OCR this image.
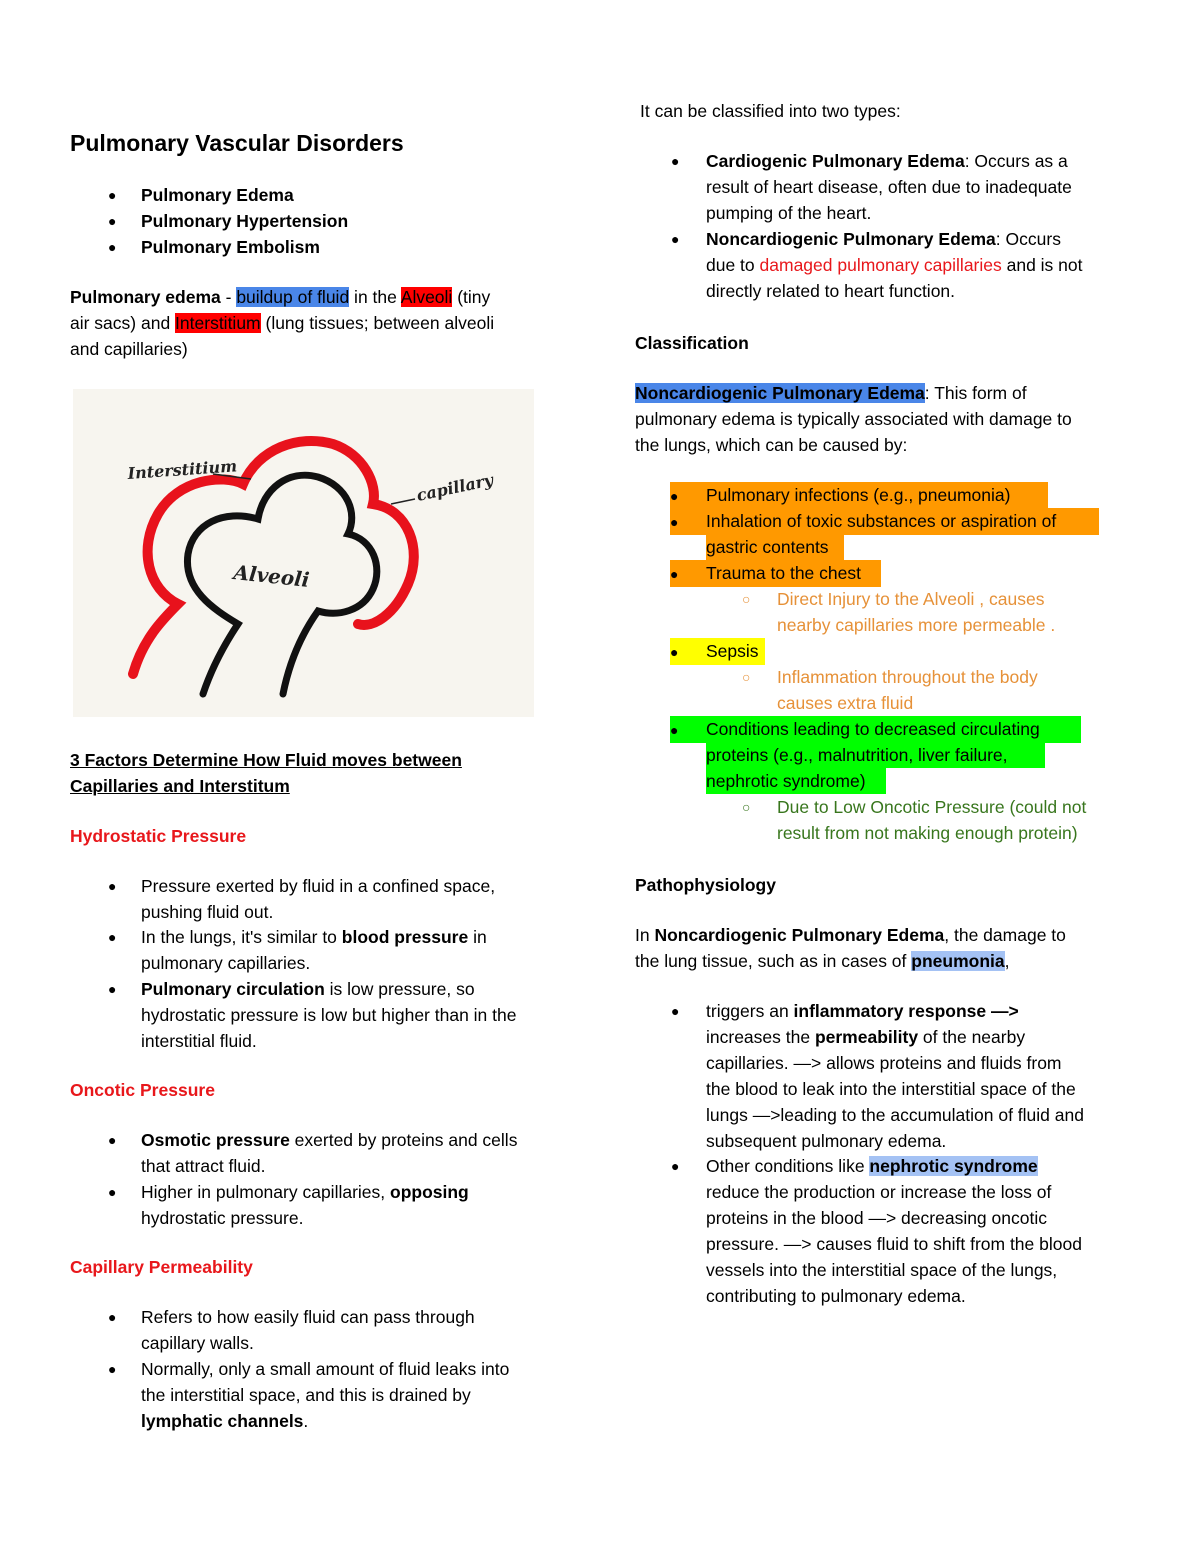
Pulmonary Vascular Disorders
● Pulmonary Edema
● Pulmonary Hypertension
● Pulmonary Embolism
Pulmonary edema - buildup of fluid in the Alveoli (tiny
air sacs) and Interstitium (lung tissues; between alveoli
and capillaries)
Interstitium
capillary
Alveoli
3 Factors Determine How Fluid moves between
Capillaries and Interstitum
Hydrostatic Pressure
● Pressure exerted by fluid in a confined space,
pushing fluid out.
● In the lungs, it's similar to blood pressure in
pulmonary capillaries.
● Pulmonary circulation is low pressure, so
hydrostatic pressure is low but higher than in the
interstitial fluid.
Oncotic Pressure
● Osmotic pressure exerted by proteins and cells
that attract fluid.
● Higher in pulmonary capillaries, opposing
hydrostatic pressure.
Capillary Permeability
● Refers to how easily fluid can pass through
capillary walls.
● Normally, only a small amount of fluid leaks into
the interstitial space, and this is drained by
lymphatic channels.
It can be classified into two types:
● Cardiogenic Pulmonary Edema: Occurs as a
result of heart disease, often due to inadequate
pumping of the heart.
● Noncardiogenic Pulmonary Edema: Occurs
due to damaged pulmonary capillaries and is not
directly related to heart function.
Classification
Noncardiogenic Pulmonary Edema: This form of
pulmonary edema is typically associated with damage to
the lungs, which can be caused by:
● Pulmonary infections (e.g., pneumonia)
● Inhalation of toxic substances or aspiration of
gastric contents
● Trauma to the chest
○ Direct Injury to the Alveoli , causes
nearby capillaries more permeable .
● Sepsis
○ Inflammation throughout the body
causes extra fluid
● Conditions leading to decreased circulating
proteins (e.g., malnutrition, liver failure,
nephrotic syndrome)
○ Due to Low Oncotic Pressure (could not
result from not making enough protein)
Pathophysiology
In Noncardiogenic Pulmonary Edema, the damage to
the lung tissue, such as in cases of pneumonia,
● triggers an inflammatory response —>
increases the permeability of the nearby
capillaries. —> allows proteins and fluids from
the blood to leak into the interstitial space of the
lungs —>leading to the accumulation of fluid and
subsequent pulmonary edema.
● Other conditions like nephrotic syndrome
reduce the production or increase the loss of
proteins in the blood —> decreasing oncotic
pressure. —> causes fluid to shift from the blood
vessels into the interstitial space of the lungs,
contributing to pulmonary edema.
